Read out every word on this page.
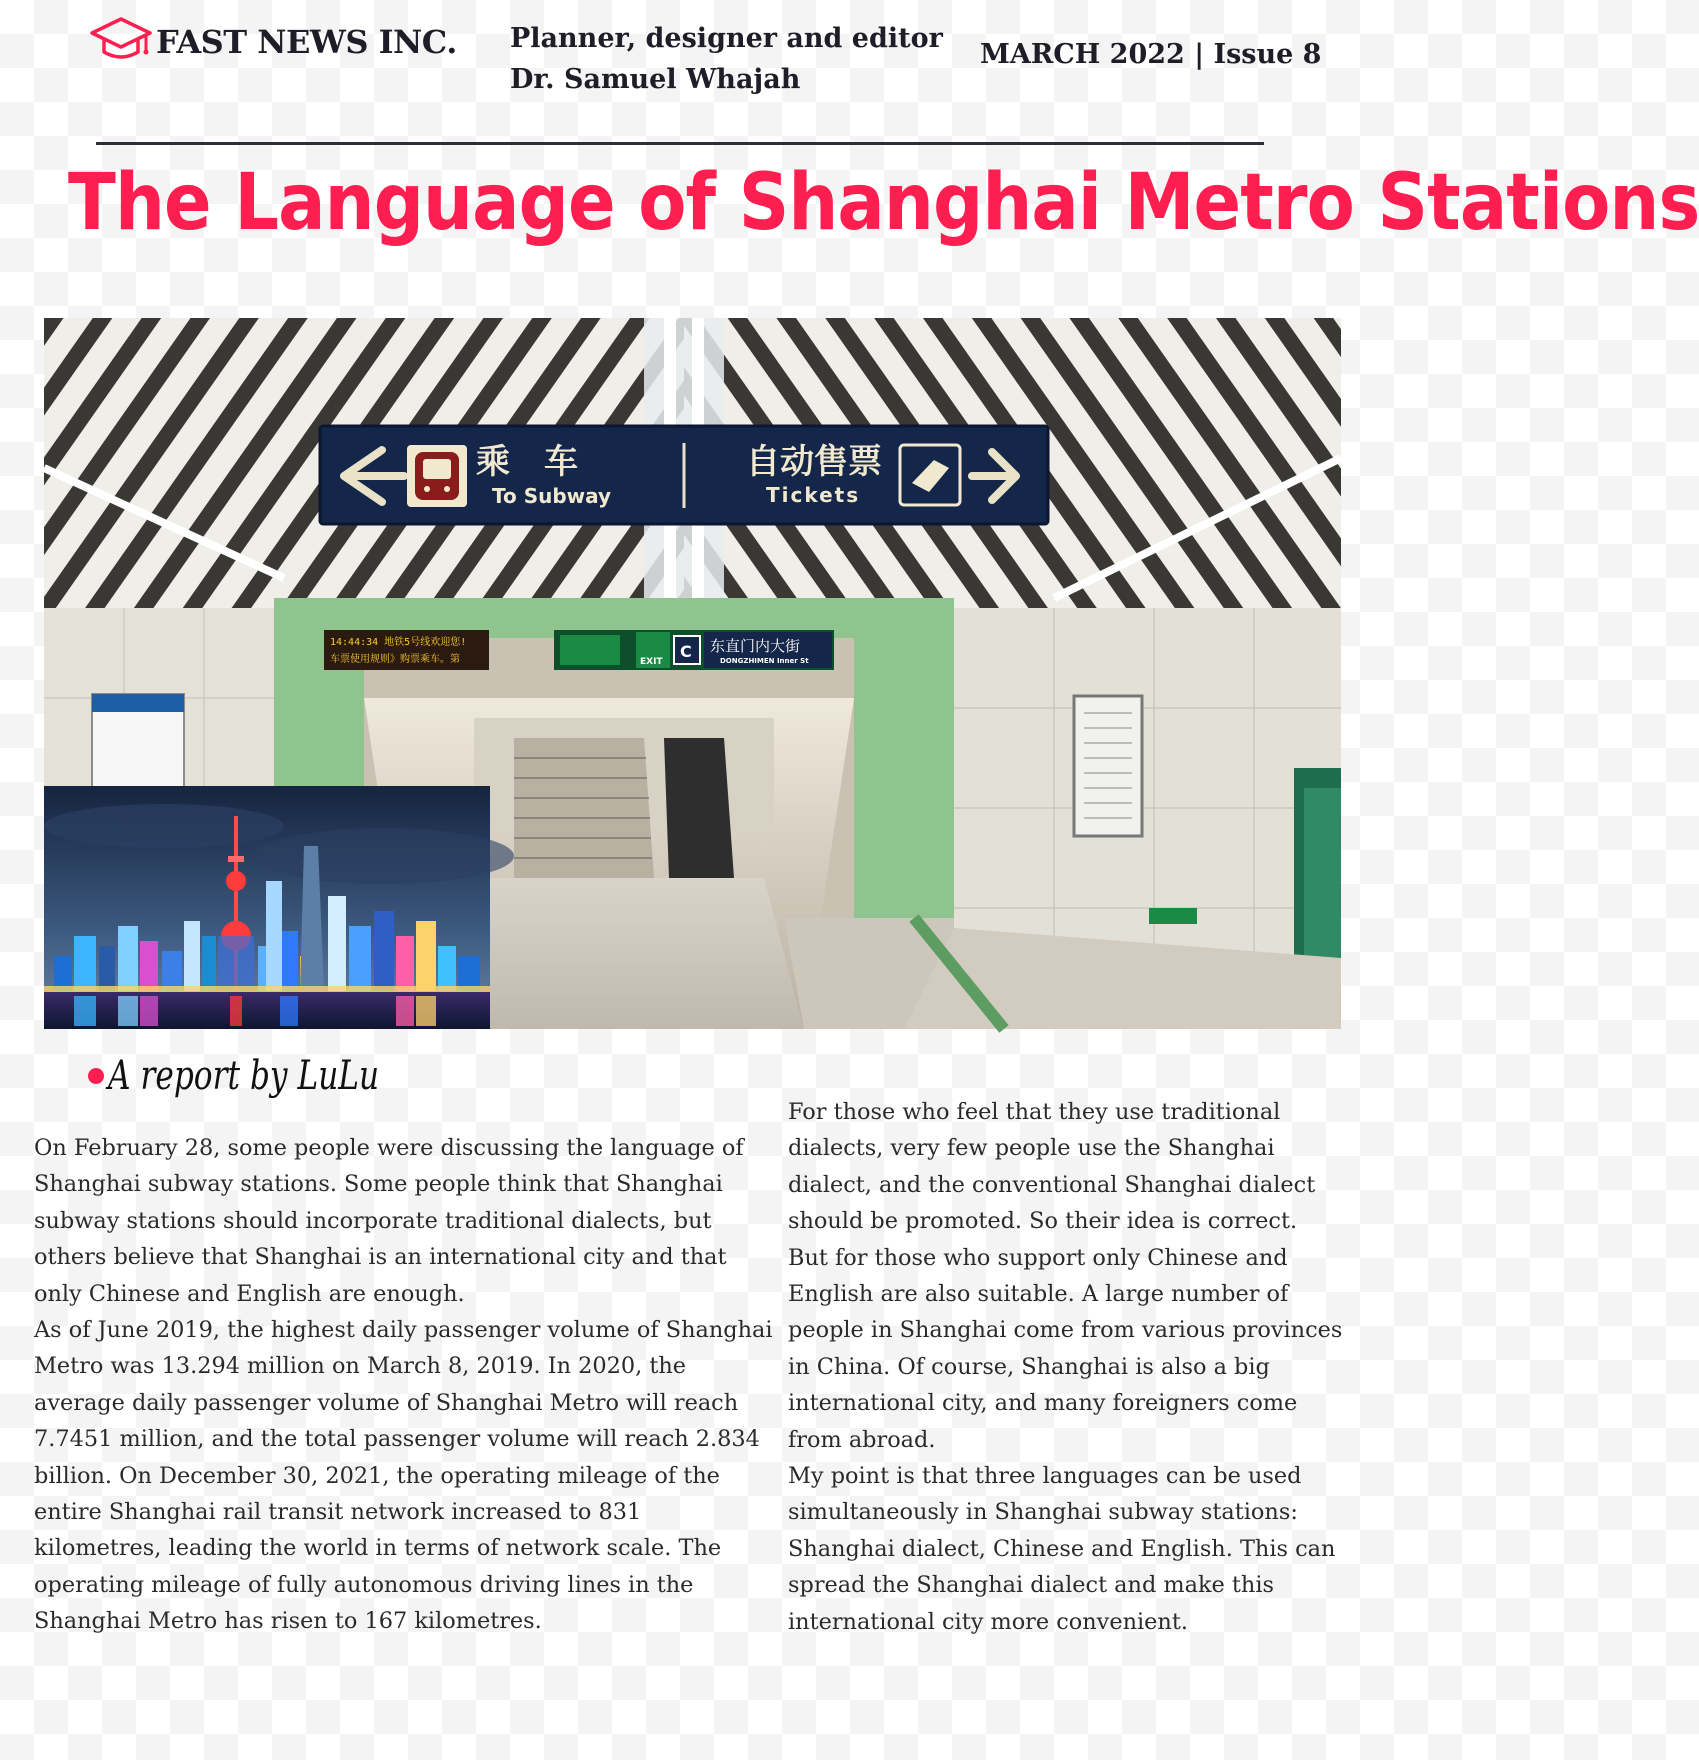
FAST NEWS INC. Planner, designer and editor
Dr. Samuel Whajah
MARCH 2022 | Issue 8
The Language of Shanghai Metro Stations
乘　车
To Subway
自动售票
Tickets
14:44:34 地铁5号线欢迎您!
车票使用规则》购票乘车。第	EXIT
C 东直门内大街
DONGZHIMEN Inner St
A report by LuLu

On February 28, some people were discussing the language of Shanghai subway stations. Some people think that Shanghai subway stations should incorporate traditional dialects, but others believe that Shanghai is an international city and that only Chinese and English are enough.

As of June 2019, the highest daily passenger volume of Shanghai Metro was 13.294 million on March 8, 2019. In 2020, the average daily passenger volume of Shanghai Metro will reach 7.7451 million, and the total passenger volume will reach 2.834 billion. On December 30, 2021, the operating mileage of the entire Shanghai rail transit network increased to 831 kilometres, leading the world in terms of network scale. The operating mileage of fully autonomous driving lines in the Shanghai Metro has risen to 167 kilometres.

For those who feel that they use traditional dialects, very few people use the Shanghai dialect, and the conventional Shanghai dialect should be promoted. So their idea is correct. But for those who support only Chinese and English are also suitable. A large number of people in Shanghai come from various provinces in China. Of course, Shanghai is also a big international city, and many foreigners come from abroad.

My point is that three languages can be used simultaneously in Shanghai subway stations: Shanghai dialect, Chinese and English. This can spread the Shanghai dialect and make this international city more convenient.
